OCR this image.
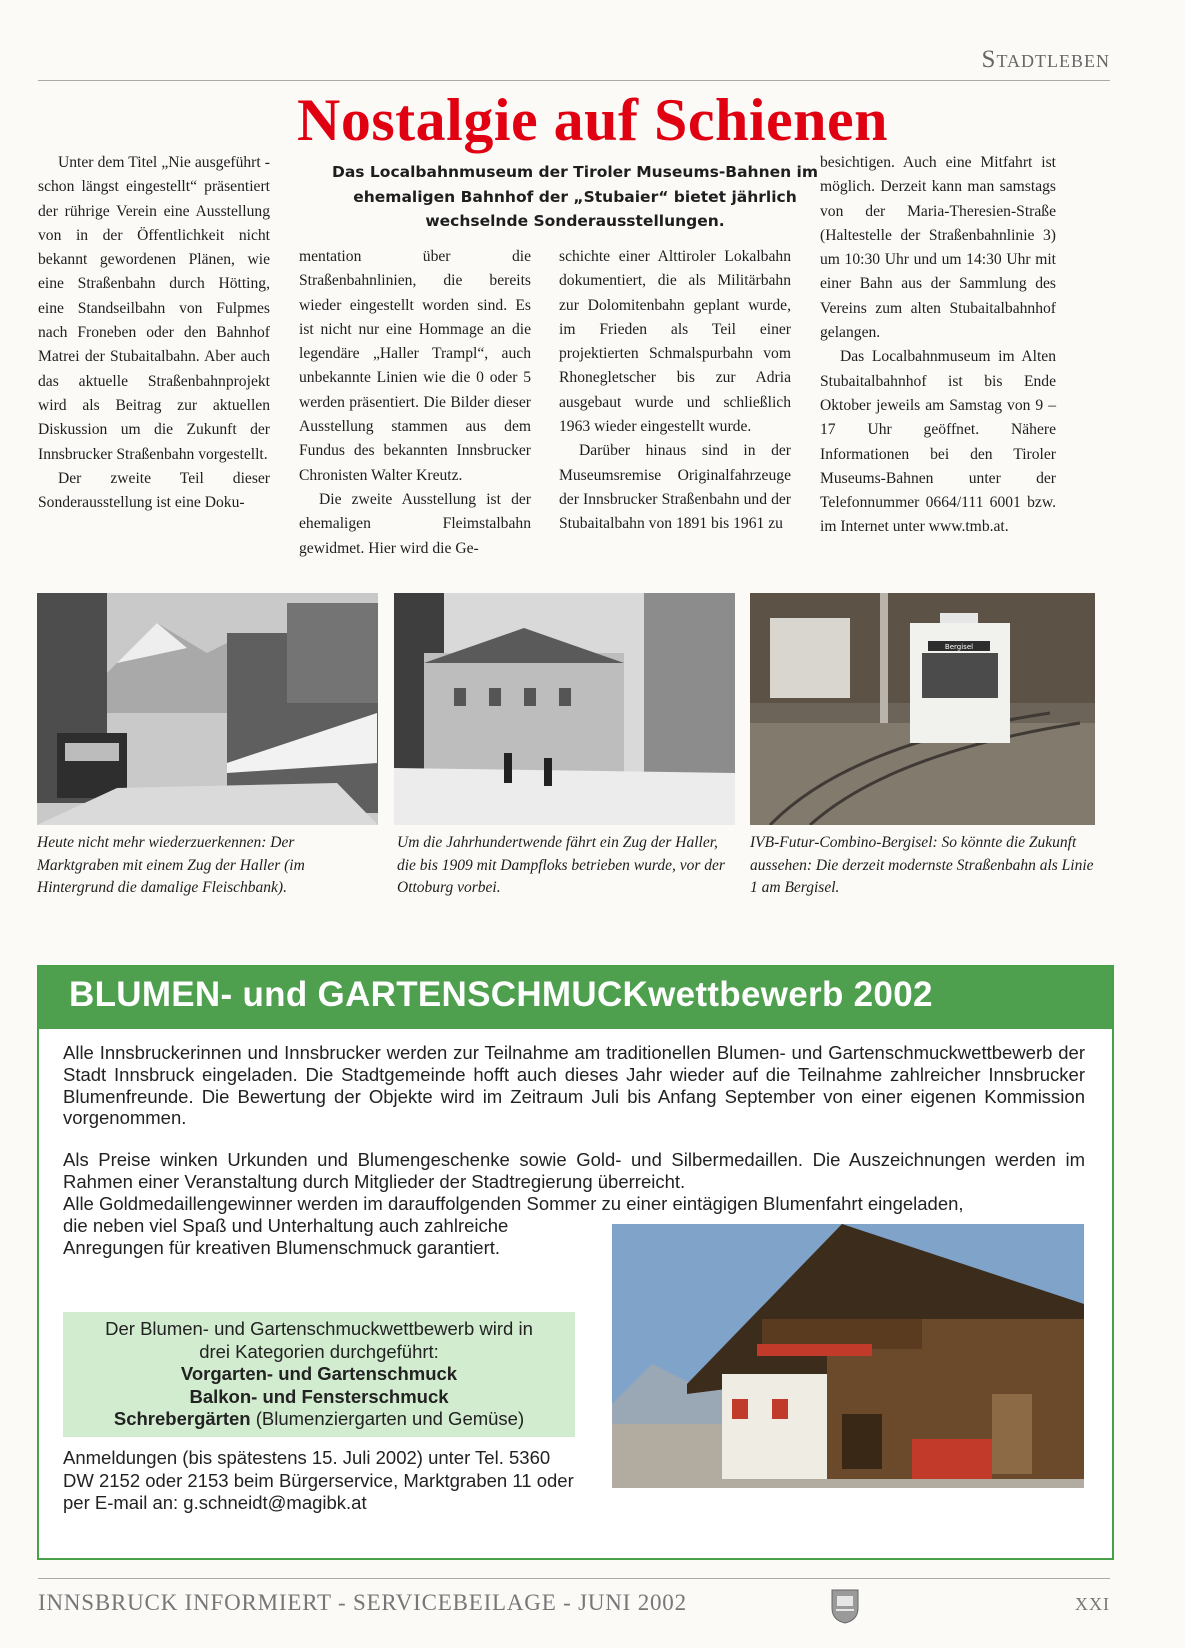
Stadtleben
Nostalgie auf Schienen

Unter dem Titel „Nie ausgeführt - schon längst eingestellt“ präsentiert der rührige Verein eine Ausstellung von in der Öffentlichkeit nicht bekannt gewordenen Plänen, wie eine Straßenbahn durch Hötting, eine Standseilbahn von Fulpmes nach Froneben oder den Bahnhof Matrei der Stubaitalbahn. Aber auch das aktuelle Straßenbahnprojekt wird als Beitrag zur aktuellen Diskussion um die Zukunft der Innsbrucker Straßenbahn vorgestellt.

Der zweite Teil dieser Sonderausstellung ist eine Doku-

Das Localbahnmuseum der Tiroler Museums-Bahnen im ehemaligen Bahnhof der „Stubaier“ bietet jährlich wechselnde Sonderausstellungen.

mentation über die Straßenbahnlinien, die bereits wieder eingestellt worden sind. Es ist nicht nur eine Hommage an die legendäre „Haller Trampl“, auch unbekannte Linien wie die 0 oder 5 werden präsentiert. Die Bilder dieser Ausstellung stammen aus dem Fundus des bekannten Innsbrucker Chronisten Walter Kreutz.

Die zweite Ausstellung ist der ehemaligen Fleimstalbahn gewidmet. Hier wird die Ge-

schichte einer Alttiroler Lokalbahn dokumentiert, die als Militärbahn zur Dolomitenbahn geplant wurde, im Frieden als Teil einer projektierten Schmalspurbahn vom Rhonegletscher bis zur Adria ausgebaut wurde und schließlich 1963 wieder eingestellt wurde.

Darüber hinaus sind in der Museumsremise Originalfahrzeuge der Innsbrucker Straßenbahn und der Stubaitalbahn von 1891 bis 1961 zu

besichtigen. Auch eine Mitfahrt ist möglich. Derzeit kann man samstags von der Maria-Theresien-Straße (Haltestelle der Straßenbahnlinie 3) um 10:30 Uhr und um 14:30 Uhr mit einer Bahn aus der Sammlung des Vereins zum alten Stubaitalbahnhof gelangen.

Das Localbahnmuseum im Alten Stubaitalbahnhof ist bis Ende Oktober jeweils am Samstag von 9 – 17 Uhr geöffnet. Nähere Informationen bei den Tiroler Museums-Bahnen unter der Telefonnummer 0664/111 6001 bzw. im Internet unter www.tmb.at.

Bergisel
Heute nicht mehr wiederzuerkennen: Der Marktgraben mit einem Zug der Haller (im Hintergrund die damalige Fleischbank).
Um die Jahrhundertwende fährt ein Zug der Haller, die bis 1909 mit Dampfloks betrieben wurde, vor der Ottoburg vorbei.
IVB-Futur-Combino-Bergisel: So könnte die Zukunft aussehen: Die derzeit modernste Straßenbahn als Linie 1 am Bergisel.
BLUMEN- und GARTENSCHMUCKwettbewerb 2002
Alle Innsbruckerinnen und Innsbrucker werden zur Teilnahme am traditionellen Blumen- und Gartenschmuckwettbewerb der Stadt Innsbruck eingeladen. Die Stadtgemeinde hofft auch dieses Jahr wieder auf die Teilnahme zahlreicher Innsbrucker Blumenfreunde. Die Bewertung der Objekte wird im Zeitraum Juli bis Anfang September von einer eigenen Kommission vorgenommen.
Als Preise winken Urkunden und Blumengeschenke sowie Gold- und Silbermedaillen. Die Auszeichnungen werden im Rahmen einer Veranstaltung durch Mitglieder der Stadtregierung überreicht.
Alle Goldmedaillengewinner werden im darauffolgenden Sommer zu einer eintägigen Blumenfahrt eingeladen,
die neben viel Spaß und Unterhaltung auch zahlreiche Anregungen für kreativen Blumenschmuck garantiert.
Der Blumen- und Gartenschmuckwettbewerb wird in drei Kategorien durchgeführt:
Vorgarten- und Gartenschmuck
Balkon- und Fensterschmuck
Schrebergärten (Blumenziergarten und Gemüse)
Anmeldungen (bis spätestens 15. Juli 2002) unter Tel. 5360 DW 2152 oder 2153 beim Bürgerservice, Marktgraben 11 oder per E-mail an: g.schneidt@magibk.at
INNSBRUCK INFORMIERT - SERVICEBEILAGE - JUNI 2002	XXI
